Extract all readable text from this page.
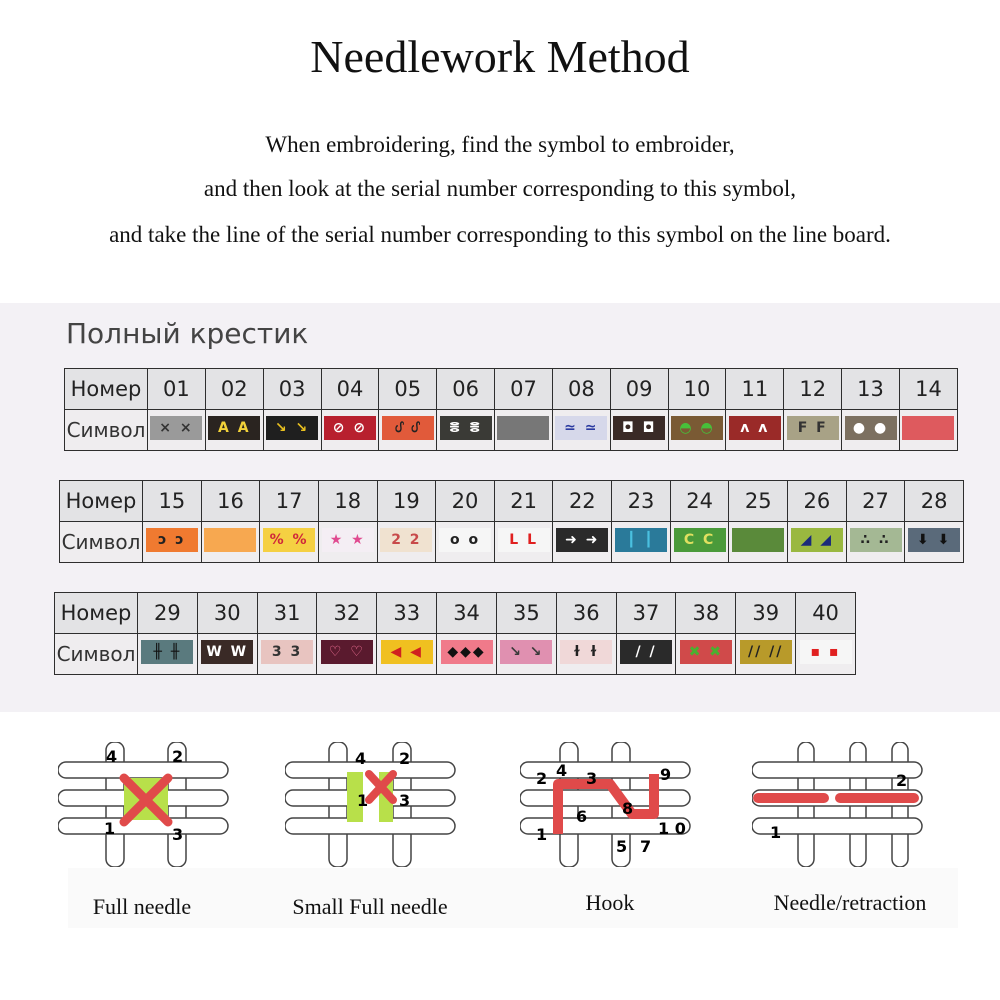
Needlework Method
When embroidering, find the symbol to embroider,
and then look at the serial number corresponding to this symbol,
and take the line of the serial number corresponding to this symbol on the line board.
Полный крестик
Номер	01	02	03	04	05	06	07	08	09	10	11	12	13	14
Символ	× ×	A A	↘ ↘	⊘ ⊘	ᦔ ᦔ	ⴻ ⴻ		≃ ≃	◘ ◘	◓ ◓	ᴧ ᴧ	F F	● ●	
Номер	15	16	17	18	19	20	21	22	23	24	25	26	27	28
Символ	ɔ ɔ		% %	★ ★	2 2	o o	L L	➜ ➜	┃ ┃	C C		◢ ◢	∴ ∴	⬇ ⬇
Номер	29	30	31	32	33	34	35	36	37	38	39	40
Символ	╫ ╫	W W	3 3	♡ ♡	◀ ◀	◆◆◆	↘ ↘	ɫ ɫ	/ /	✖ ✖	// //	▪ ▪
4	2
1	3
4 2
1 3
2 4 3	9
6 8
1
5 7
1 0	1
2
Full needle	Small Full needle	Hook	Needle/retraction
